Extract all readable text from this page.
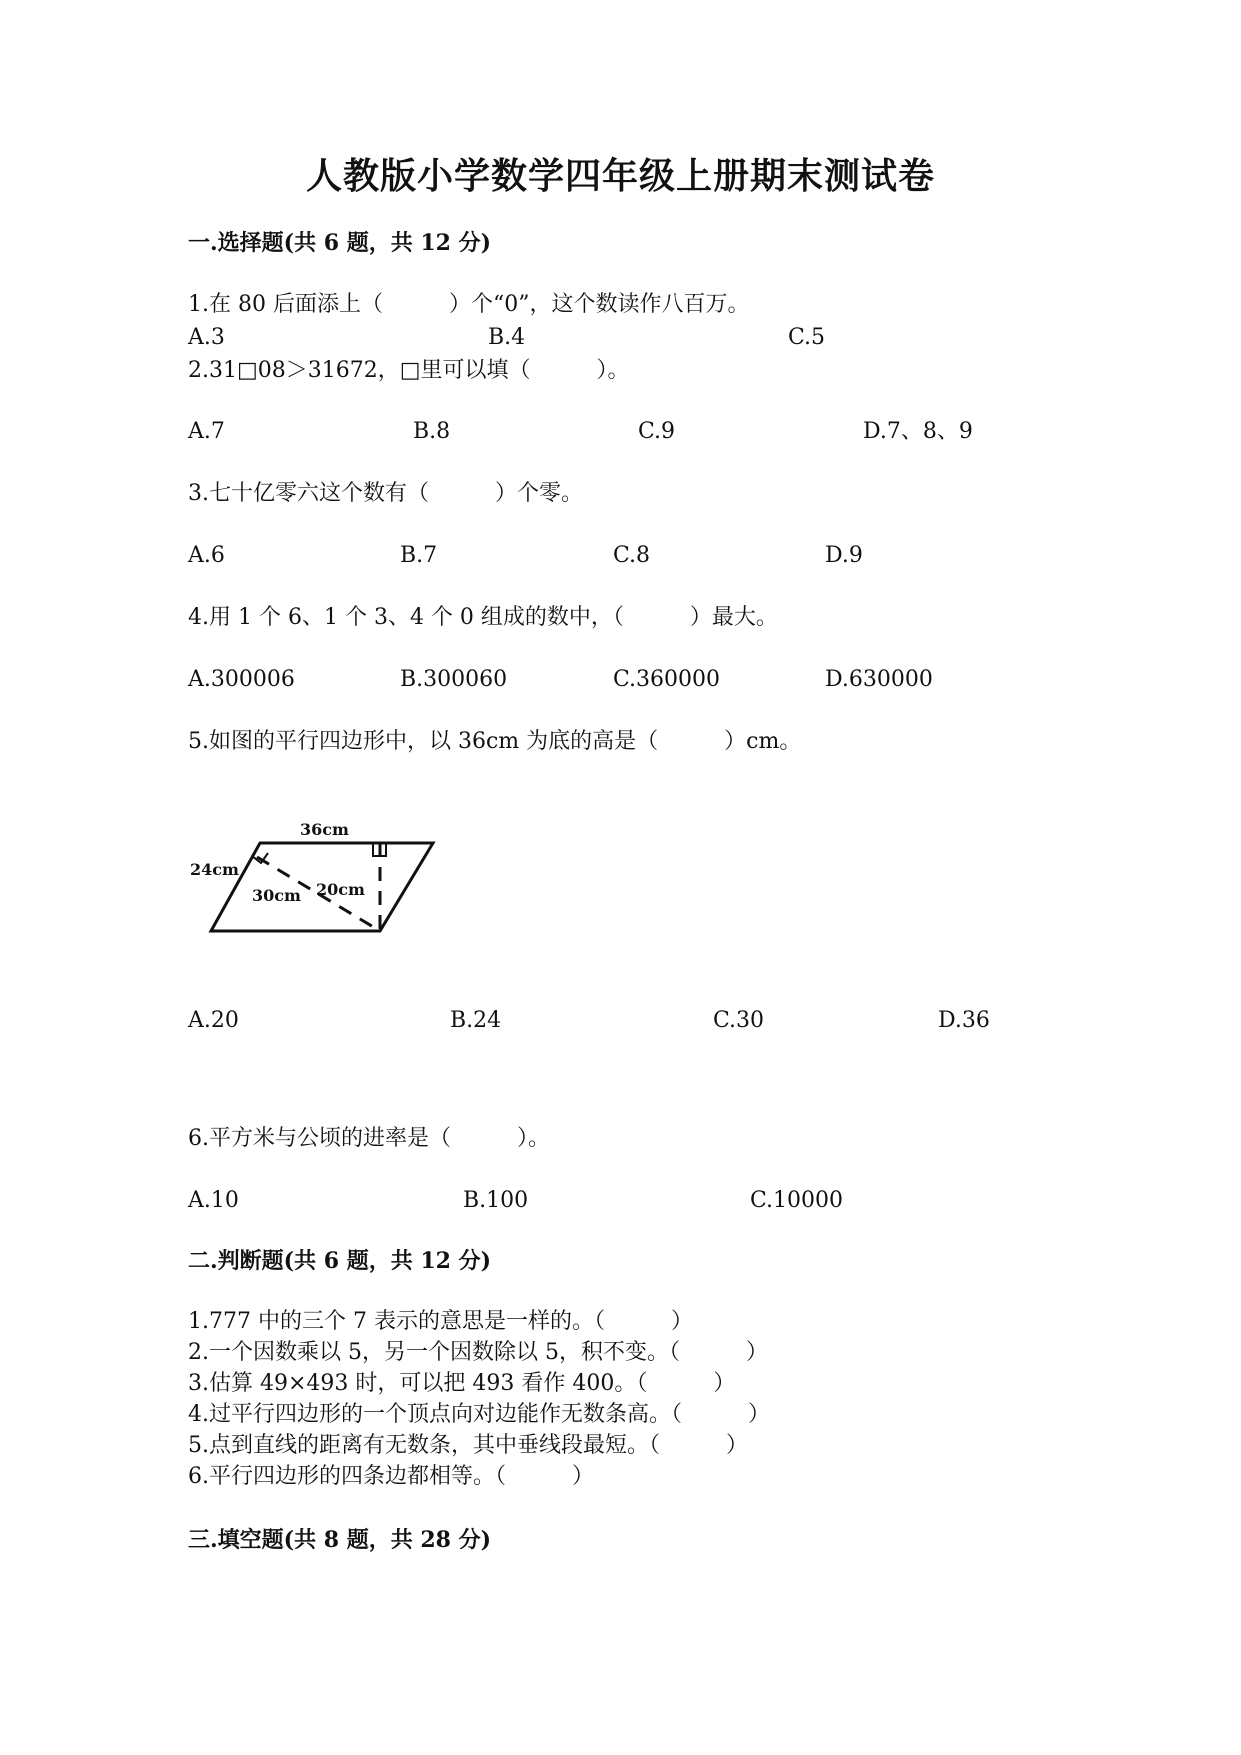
人教版小学数学四年级上册期末测试卷
一.选择题(共 6 题，共 12 分)
1.在 80 后面添上（　　　）个“0”，这个数读作八百万。
A.3	B.4	C.5
2.31□08＞31672，□里可以填（　　　）。
A.7	B.8	C.9	D.7、8、9
3.七十亿零六这个数有（　　　）个零。
A.6	B.7	C.8	D.9
4.用 1 个 6、1 个 3、4 个 0 组成的数中，（　　　）最大。
A.300006	B.300060	C.360000	D.630000
5.如图的平行四边形中，以 36cm 为底的高是（　　　）cm。
36cm
24cm
30cm 20cm
A.20	B.24	C.30	D.36
6.平方米与公顷的进率是（　　　）。
A.10	B.100	C.10000
二.判断题(共 6 题，共 12 分)
1.777 中的三个 7 表示的意思是一样的。（　　　）
2.一个因数乘以 5，另一个因数除以 5，积不变。（　　　）
3.估算 49×493 时，可以把 493 看作 400。（　　　）
4.过平行四边形的一个顶点向对边能作无数条高。（　　　）
5.点到直线的距离有无数条，其中垂线段最短。（　　　）
6.平行四边形的四条边都相等。（　　　）
三.填空题(共 8 题，共 28 分)
